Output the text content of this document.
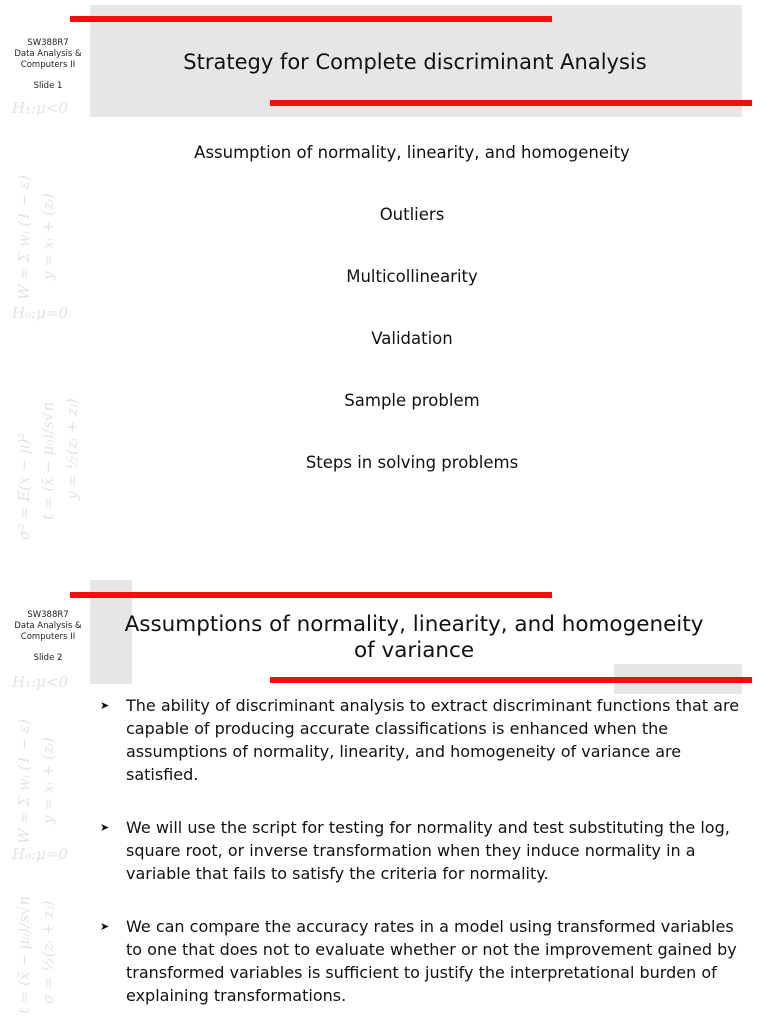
H₁:μ<0
W = Σ wᵢ (1 − ε) y = xᵢ + (zᵢ)
H₀:μ=0
σ² = E(x − μ)² t = (x̄ − μ₀)/s√n y = ½(zᵢ + zⱼ)
SW388R7
Data Analysis &
Computers II
Slide 1
Strategy for Complete discriminant Analysis
Assumption of normality, linearity, and homogeneity
Outliers
Multicollinearity
Validation
Sample problem
Steps in solving problems
H₁:μ<0
W = Σ wᵢ (1 − ε) y = xᵢ + (zᵢ)
H₀:μ=0
t = (x̄ − μ₀)/s√n σ = ½(zᵢ + zⱼ)
SW388R7
Data Analysis &
Computers II
Slide 2
Assumptions of normality, linearity, and homogeneity
of variance
➤ The ability of discriminant analysis to extract discriminant functions that are capable of producing accurate classifications is enhanced when the assumptions of normality, linearity, and homogeneity of variance are satisfied.
➤ We will use the script for testing for normality and test substituting the log, square root, or inverse transformation when they induce normality in a variable that fails to satisfy the criteria for normality.
➤ We can compare the accuracy rates in a model using transformed variables to one that does not to evaluate whether or not the improvement gained by transformed variables is sufficient to justify the interpretational burden of explaining transformations.
